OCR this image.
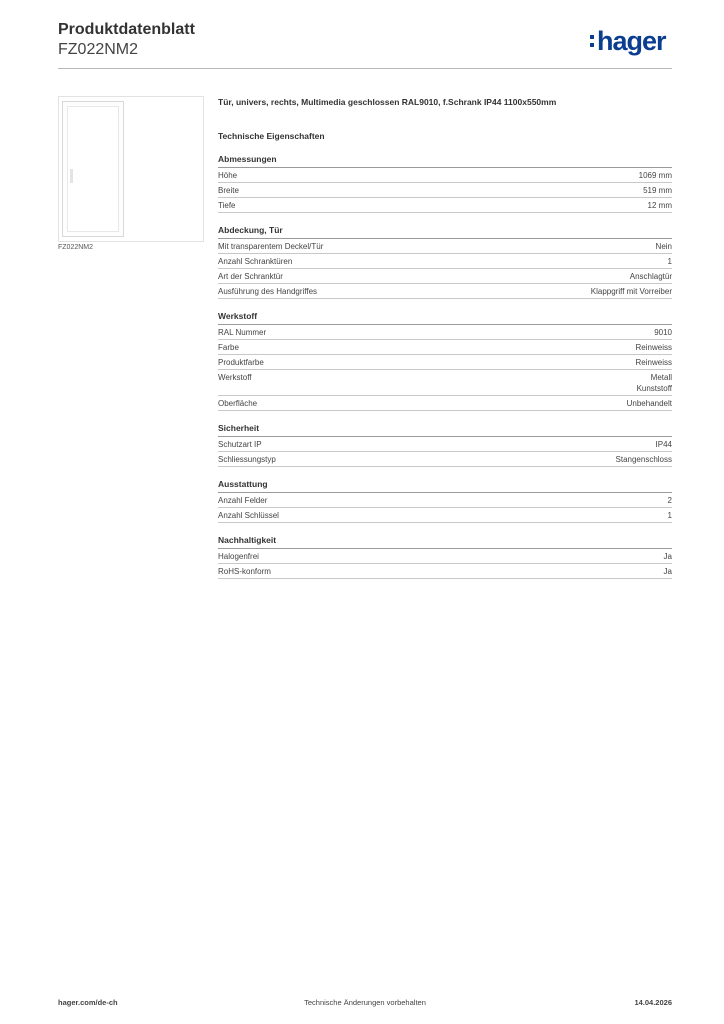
Produktdatenblatt
FZ022NM2	hager
FZ022NM2
Tür, univers, rechts, Multimedia geschlossen RAL9010, f.Schrank IP44 1100x550mm
Technische Eigenschaften
Abmessungen
Höhe	1069 mm
Breite	519 mm
Tiefe	12 mm
Abdeckung, Tür
Mit transparentem Deckel/Tür	Nein
Anzahl Schranktüren	1
Art der Schranktür	Anschlagtür
Ausführung des Handgriffes	Klappgriff mit Vorreiber
Werkstoff
RAL Nummer	9010
Farbe	Reinweiss
Produktfarbe	Reinweiss
Werkstoff	Metall
Kunststoff
Oberfläche	Unbehandelt
Sicherheit
Schutzart IP	IP44
Schliessungstyp	Stangenschloss
Ausstattung
Anzahl Felder	2
Anzahl Schlüssel	1
Nachhaltigkeit
Halogenfrei	Ja
RoHS-konform	Ja
hager.com/de-ch	Technische Änderungen vorbehalten	14.04.2026
